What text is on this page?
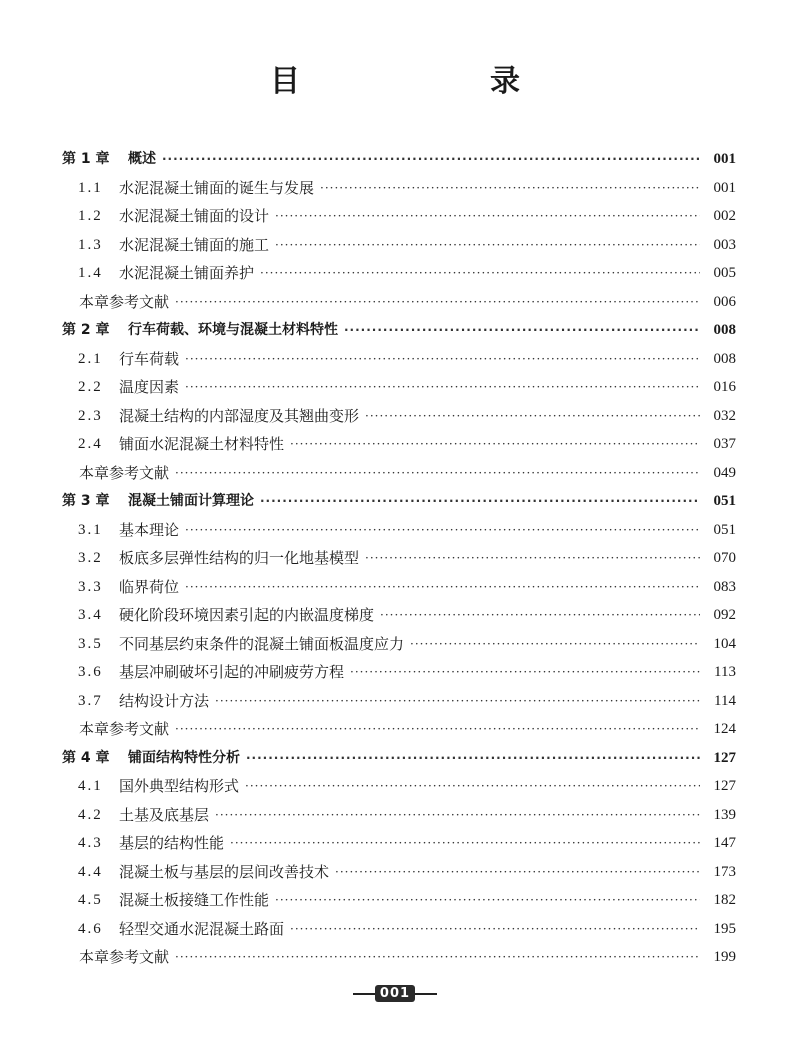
目　录
第 1 章	概述 ·····	001
1.1	水泥混凝土铺面的诞生与发展 ·····	001
1.2	水泥混凝土铺面的设计 ·····	002
1.3	水泥混凝土铺面的施工 ·····	003
1.4	水泥混凝土铺面养护 ·····	005
本章参考文献 ·····	006
第 2 章	行车荷载、环境与混凝土材料特性 ·····	008
2.1	行车荷载 ·····	008
2.2	温度因素 ·····	016
2.3	混凝土结构的内部湿度及其翘曲变形 ·····	032
2.4	铺面水泥混凝土材料特性 ·····	037
本章参考文献 ·····	049
第 3 章	混凝土铺面计算理论 ·····	051
3.1	基本理论 ·····	051
3.2	板底多层弹性结构的归一化地基模型 ·····	070
3.3	临界荷位 ·····	083
3.4	硬化阶段环境因素引起的内嵌温度梯度 ·····	092
3.5	不同基层约束条件的混凝土铺面板温度应力 ·····	104
3.6	基层冲刷破坏引起的冲刷疲劳方程 ·····	113
3.7	结构设计方法 ·····	114
本章参考文献 ·····	124
第 4 章	铺面结构特性分析 ·····	127
4.1	国外典型结构形式 ·····	127
4.2	土基及底基层 ·····	139
4.3	基层的结构性能 ·····	147
4.4	混凝土板与基层的层间改善技术 ·····	173
4.5	混凝土板接缝工作性能 ·····	182
4.6	轻型交通水泥混凝土路面 ·····	195
本章参考文献 ·····	199
001
